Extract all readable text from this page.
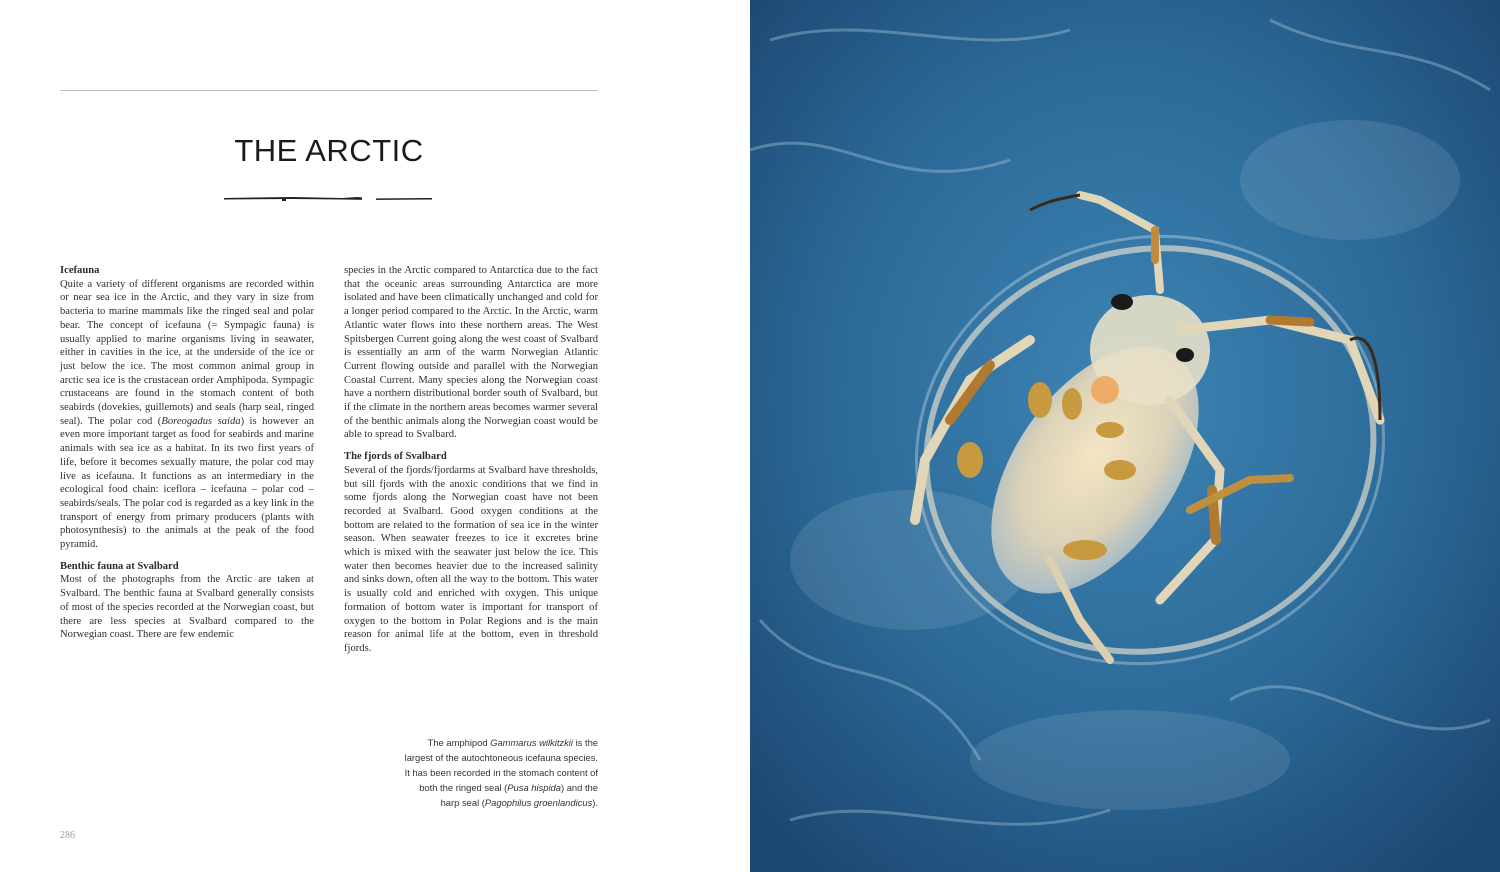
THE ARCTIC

Icefauna

Quite a variety of different organisms are recorded within or near sea ice in the Arctic, and they vary in size from bacteria to marine mammals like the ringed seal and polar bear. The concept of icefauna (= Sympagic fauna) is usually applied to marine organisms living in seawater, either in cavities in the ice, at the underside of the ice or just below the ice. The most common animal group in arctic sea ice is the crustacean order Amphipoda. Sympagic crustaceans are found in the stomach content of both seabirds (dovekies, guillemots) and seals (harp seal, ringed seal). The polar cod (Boreogadus saida) is however an even more important target as food for seabirds and marine animals with sea ice as a habitat. In its two first years of life, before it becomes sexually mature, the polar cod may live as icefauna. It functions as an intermediary in the ecological food chain: iceflora – icefauna – polar cod – seabirds/seals. The polar cod is regarded as a key link in the transport of energy from primary producers (plants with photosynthesis) to the animals at the peak of the food pyramid.

Benthic fauna at Svalbard

Most of the photographs from the Arctic are taken at Svalbard. The benthic fauna at Svalbard generally consists of most of the species recorded at the Norwegian coast, but there are less species at Svalbard compared to the Norwegian coast. There are few endemic

species in the Arctic compared to Antarctica due to the fact that the oceanic areas surrounding Antarctica are more isolated and have been climatically unchanged and cold for a longer period compared to the Arctic. In the Arctic, warm Atlantic water flows into these northern areas. The West Spitsbergen Current going along the west coast of Svalbard is essentially an arm of the warm Norwegian Atlantic Current flowing outside and parallel with the Norwegian Coastal Current. Many species along the Norwegian coast have a northern distributional border south of Svalbard, but if the climate in the northern areas becomes warmer several of the benthic animals along the Norwegian coast would be able to spread to Svalbard.

The fjords of Svalbard

Several of the fjords/fjordarms at Svalbard have thresholds, but sill fjords with the anoxic conditions that we find in some fjords along the Norwegian coast have not been recorded at Svalbard. Good oxygen conditions at the bottom are related to the formation of sea ice in the winter season. When seawater freezes to ice it excretes brine which is mixed with the seawater just below the ice. This water then becomes heavier due to the increased salinity and sinks down, often all the way to the bottom. This water is usually cold and enriched with oxygen. This unique formation of bottom water is important for transport of oxygen to the bottom in Polar Regions and is the main reason for animal life at the bottom, even in threshold fjords.

The amphipod Gammarus wilkitzkii is the largest of the autochtoneous icefauna species. It has been recorded in the stomach content of both the ringed seal (Pusa hispida) and the harp seal (Pagophilus groenlandicus).

286
